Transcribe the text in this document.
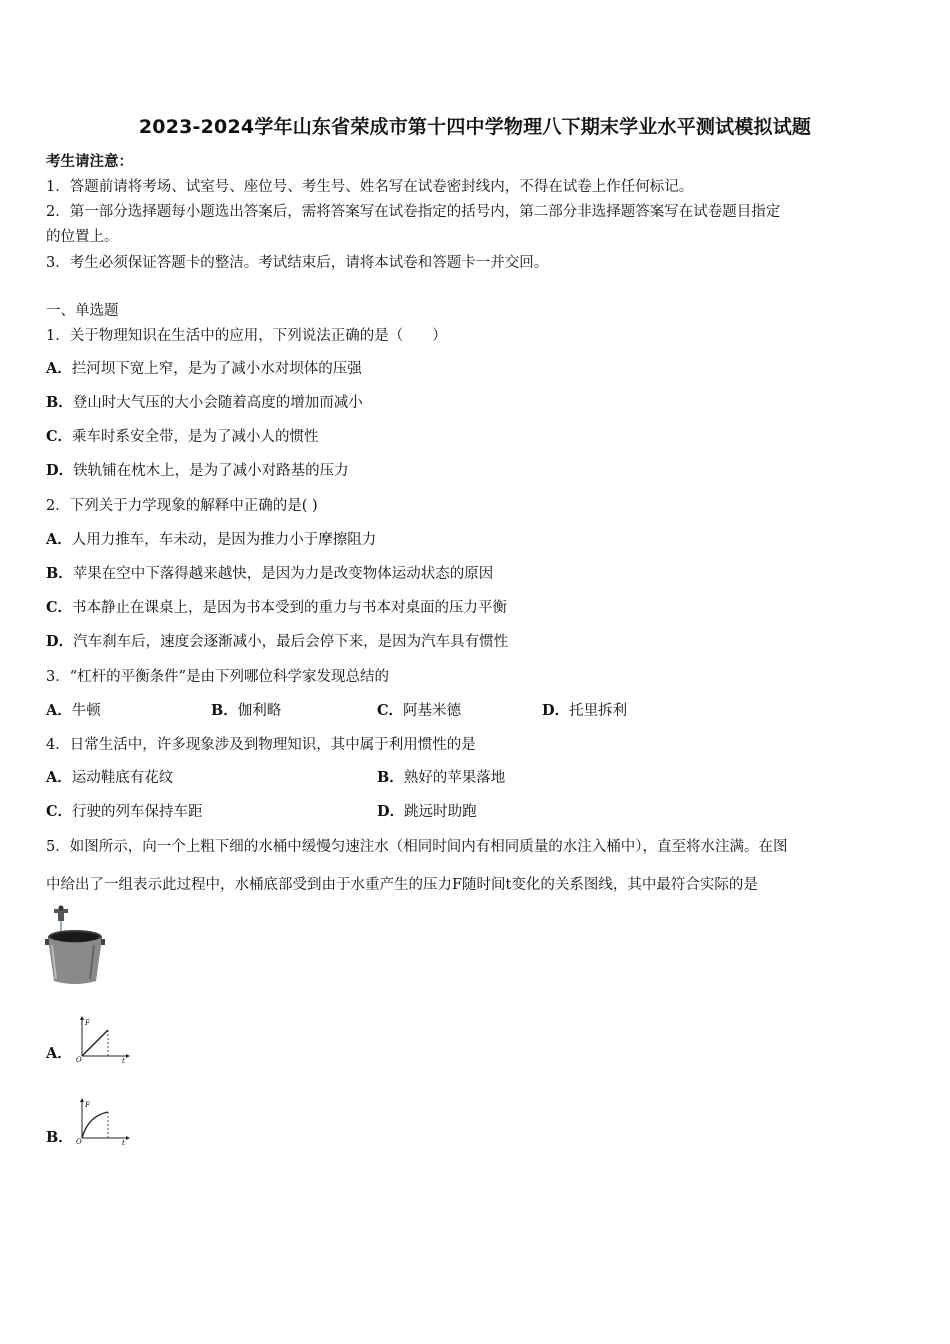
2023-2024学年山东省荣成市第十四中学物理八下期末学业水平测试模拟试题
考生请注意：
1．答题前请将考场、试室号、座位号、考生号、姓名写在试卷密封线内，不得在试卷上作任何标记。
2．第一部分选择题每小题选出答案后，需将答案写在试卷指定的括号内，第二部分非选择题答案写在试卷题目指定
的位置上。
3．考生必须保证答题卡的整洁。考试结束后，请将本试卷和答题卡一并交回。
一、单选题
1．关于物理知识在生活中的应用，下列说法正确的是（　　）
A．拦河坝下宽上窄，是为了减小水对坝体的压强
B．登山时大气压的大小会随着高度的增加而减小
C．乘车时系安全带，是为了减小人的惯性
D．铁轨铺在枕木上，是为了减小对路基的压力
2．下列关于力学现象的解释中正确的是( )
A．人用力推车，车未动，是因为推力小于摩擦阻力
B．苹果在空中下落得越来越快，是因为力是改变物体运动状态的原因
C．书本静止在课桌上，是因为书本受到的重力与书本对桌面的压力平衡
D．汽车刹车后，速度会逐渐减小，最后会停下来，是因为汽车具有惯性
3．“杠杆的平衡条件”是由下列哪位科学家发现总结的
A．牛顿	B．伽利略	C．阿基米德	D．托里拆利
4．日常生活中，许多现象涉及到物理知识，其中属于利用惯性的是
A．运动鞋底有花纹	B．熟好的苹果落地
C．行驶的列车保持车距	D．跳远时助跑
5．如图所示，向一个上粗下细的水桶中缓慢匀速注水（相同时间内有相同质量的水注入桶中），直至将水注满。在图
中给出了一组表示此过程中，水桶底部受到由于水重产生的压力F随时间t变化的关系图线，其中最符合实际的是
A．
F
t
O
B．
F
t
O
